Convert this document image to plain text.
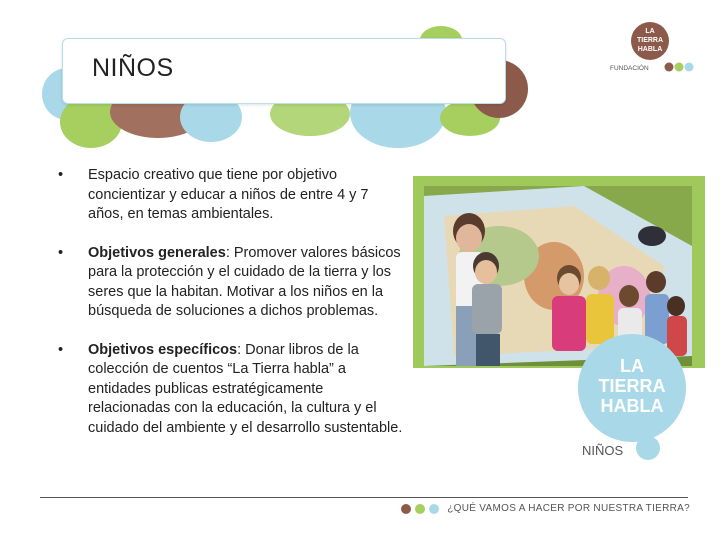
NIÑOS
LA
TIERRA
HABLA
FUNDACIÓN
• Espacio creativo que tiene por objetivo concientizar y educar a niños de entre 4 y 7 años, en temas ambientales.
• Objetivos generales: Promover valores básicos para la protección y el cuidado de la tierra y los seres que la habitan. Motivar a los niños en la búsqueda de soluciones a dichos problemas.
• Objetivos específicos: Donar libros de la colección de cuentos “La Tierra habla” a entidades publicas estratégicamente relacionadas con la educación, la cultura y el cuidado del ambiente y el desarrollo sustentable.
LA
TIERRA
HABLA
NIÑOS
¿QUÉ VAMOS A HACER POR NUESTRA TIERRA?
